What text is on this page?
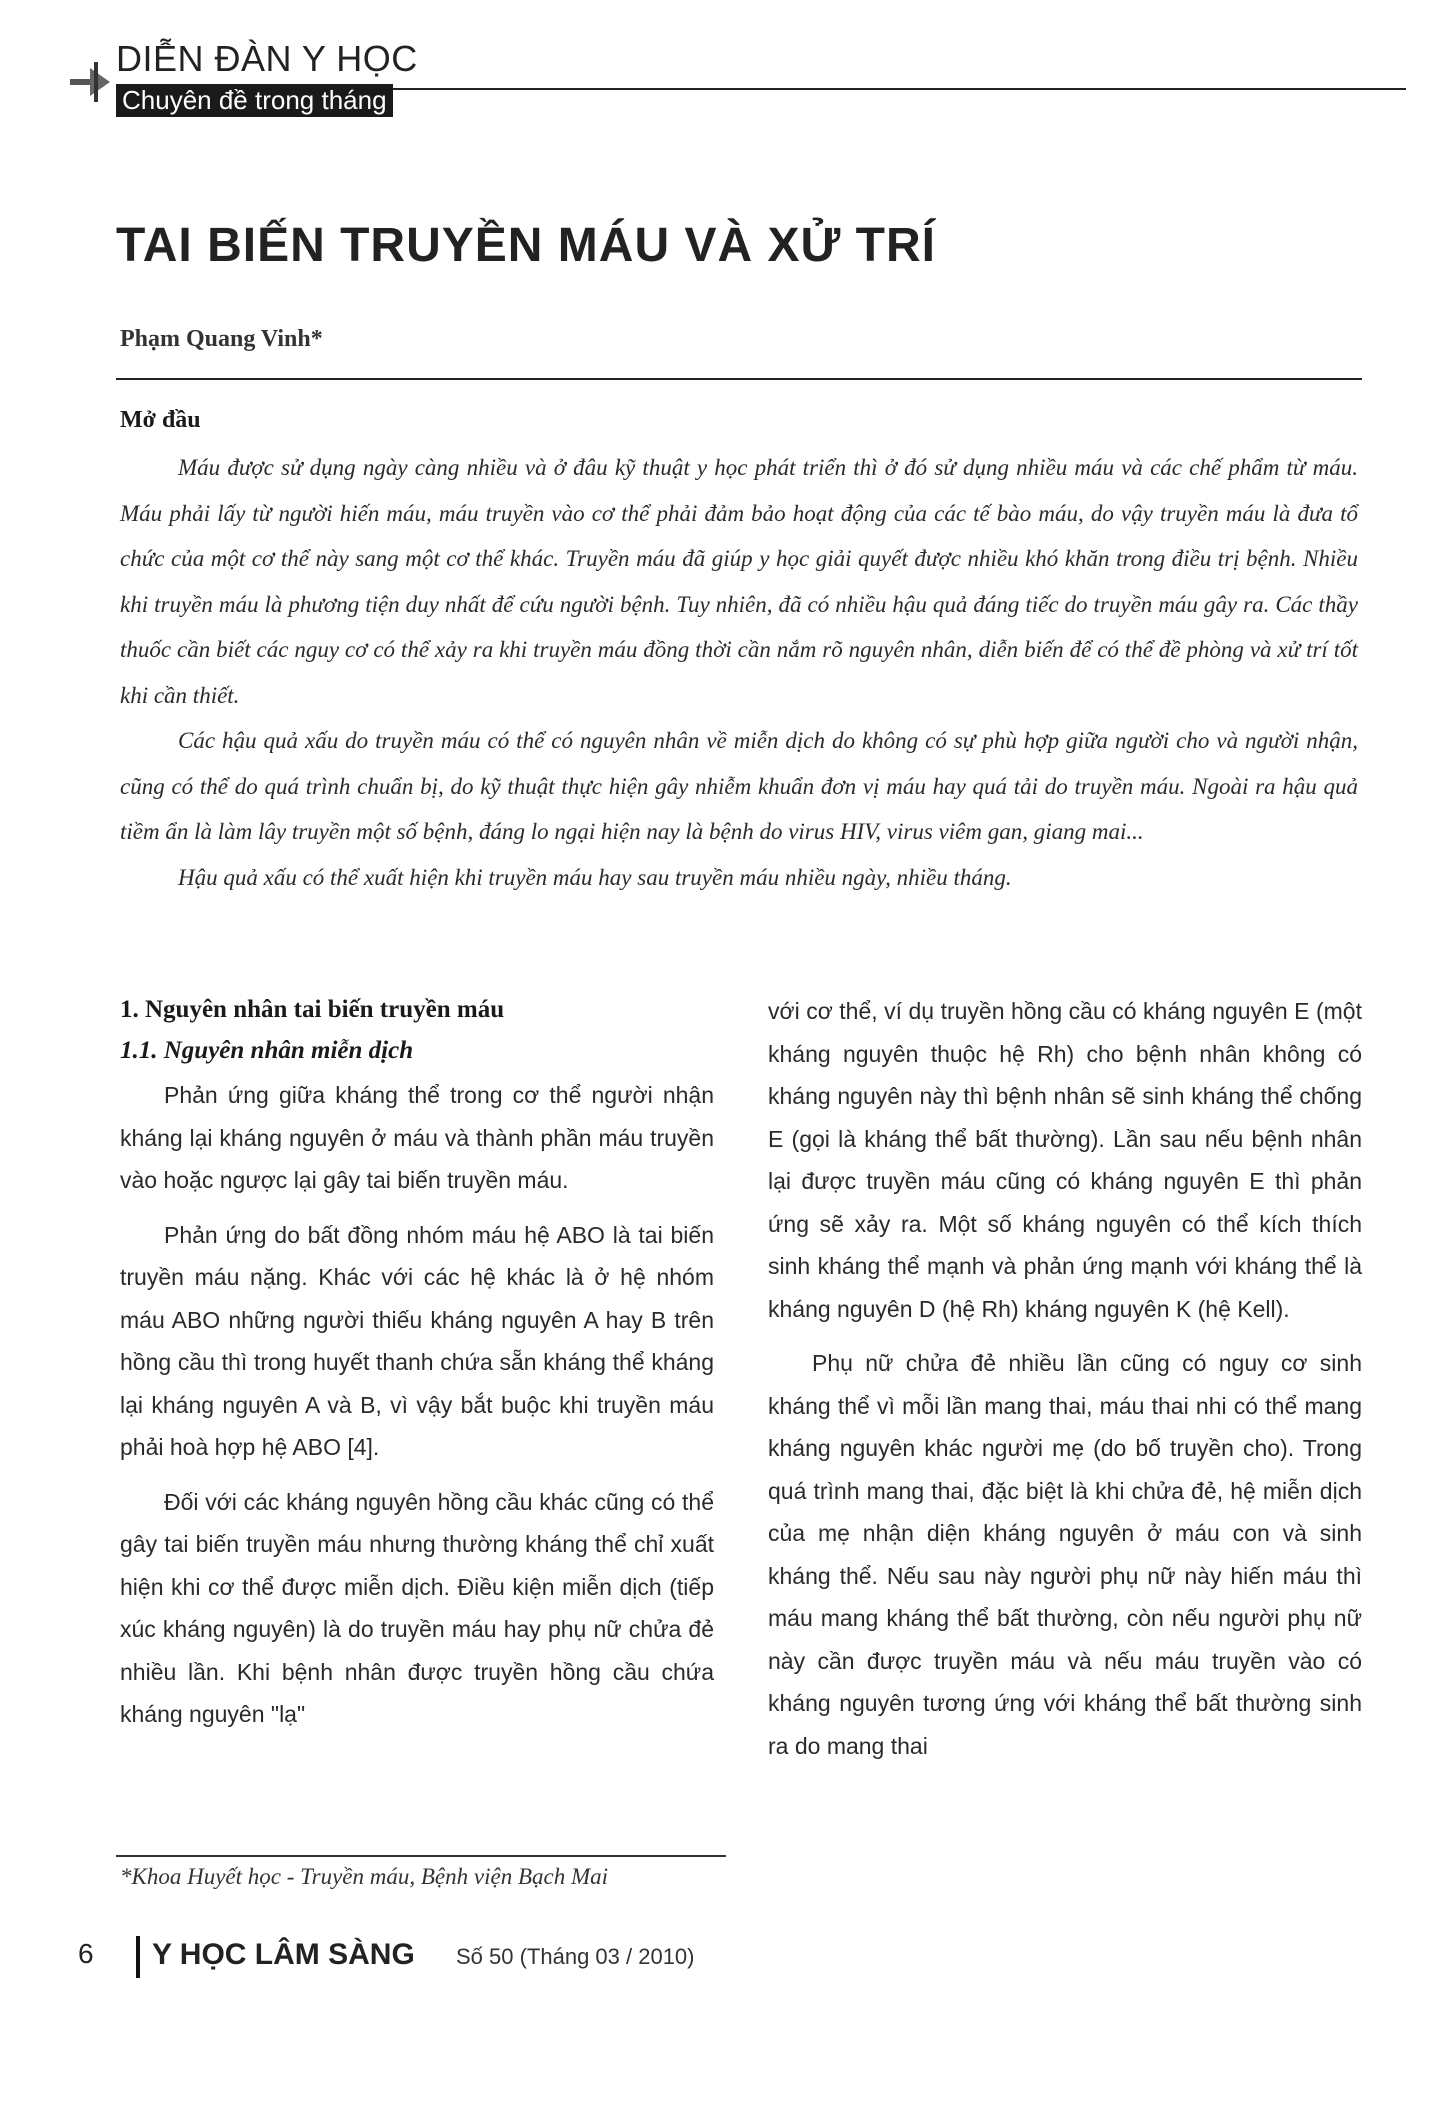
DIỄN ĐÀN Y HỌC
Chuyên đề trong tháng
TAI BIẾN TRUYỀN MÁU VÀ XỬ TRÍ
Phạm Quang Vinh*
Mở đầu

Máu được sử dụng ngày càng nhiều và ở đâu kỹ thuật y học phát triển thì ở đó sử dụng nhiều máu và các chế phẩm từ máu. Máu phải lấy từ người hiến máu, máu truyền vào cơ thể phải đảm bảo hoạt động của các tế bào máu, do vậy truyền máu là đưa tổ chức của một cơ thể này sang một cơ thể khác. Truyền máu đã giúp y học giải quyết được nhiều khó khăn trong điều trị bệnh. Nhiều khi truyền máu là phương tiện duy nhất để cứu người bệnh. Tuy nhiên, đã có nhiều hậu quả đáng tiếc do truyền máu gây ra. Các thầy thuốc cần biết các nguy cơ có thể xảy ra khi truyền máu đồng thời cần nắm rõ nguyên nhân, diễn biến để có thể đề phòng và xử trí tốt khi cần thiết.

Các hậu quả xấu do truyền máu có thể có nguyên nhân về miễn dịch do không có sự phù hợp giữa người cho và người nhận, cũng có thể do quá trình chuẩn bị, do kỹ thuật thực hiện gây nhiễm khuẩn đơn vị máu hay quá tải do truyền máu. Ngoài ra hậu quả tiềm ẩn là làm lây truyền một số bệnh, đáng lo ngại hiện nay là bệnh do virus HIV, virus viêm gan, giang mai...

Hậu quả xấu có thể xuất hiện khi truyền máu hay sau truyền máu nhiều ngày, nhiều tháng.

1. Nguyên nhân tai biến truyền máu
1.1. Nguyên nhân miễn dịch

Phản ứng giữa kháng thể trong cơ thể người nhận kháng lại kháng nguyên ở máu và thành phần máu truyền vào hoặc ngược lại gây tai biến truyền máu.

Phản ứng do bất đồng nhóm máu hệ ABO là tai biến truyền máu nặng. Khác với các hệ khác là ở hệ nhóm máu ABO những người thiếu kháng nguyên A hay B trên hồng cầu thì trong huyết thanh chứa sẵn kháng thể kháng lại kháng nguyên A và B, vì vậy bắt buộc khi truyền máu phải hoà hợp hệ ABO [4].

Đối với các kháng nguyên hồng cầu khác cũng có thể gây tai biến truyền máu nhưng thường kháng thể chỉ xuất hiện khi cơ thể được miễn dịch. Điều kiện miễn dịch (tiếp xúc kháng nguyên) là do truyền máu hay phụ nữ chửa đẻ nhiều lần. Khi bệnh nhân được truyền hồng cầu chứa kháng nguyên "lạ"

với cơ thể, ví dụ truyền hồng cầu có kháng nguyên E (một kháng nguyên thuộc hệ Rh) cho bệnh nhân không có kháng nguyên này thì bệnh nhân sẽ sinh kháng thể chống E (gọi là kháng thể bất thường). Lần sau nếu bệnh nhân lại được truyền máu cũng có kháng nguyên E thì phản ứng sẽ xảy ra. Một số kháng nguyên có thể kích thích sinh kháng thể mạnh và phản ứng mạnh với kháng thể là kháng nguyên D (hệ Rh) kháng nguyên K (hệ Kell).

Phụ nữ chửa đẻ nhiều lần cũng có nguy cơ sinh kháng thể vì mỗi lần mang thai, máu thai nhi có thể mang kháng nguyên khác người mẹ (do bố truyền cho). Trong quá trình mang thai, đặc biệt là khi chửa đẻ, hệ miễn dịch của mẹ nhận diện kháng nguyên ở máu con và sinh kháng thể. Nếu sau này người phụ nữ này hiến máu thì máu mang kháng thể bất thường, còn nếu người phụ nữ này cần được truyền máu và nếu máu truyền vào có kháng nguyên tương ứng với kháng thể bất thường sinh ra do mang thai

*Khoa Huyết học - Truyền máu, Bệnh viện Bạch Mai
6 Y HỌC LÂM SÀNG Số 50 (Tháng 03 / 2010)
